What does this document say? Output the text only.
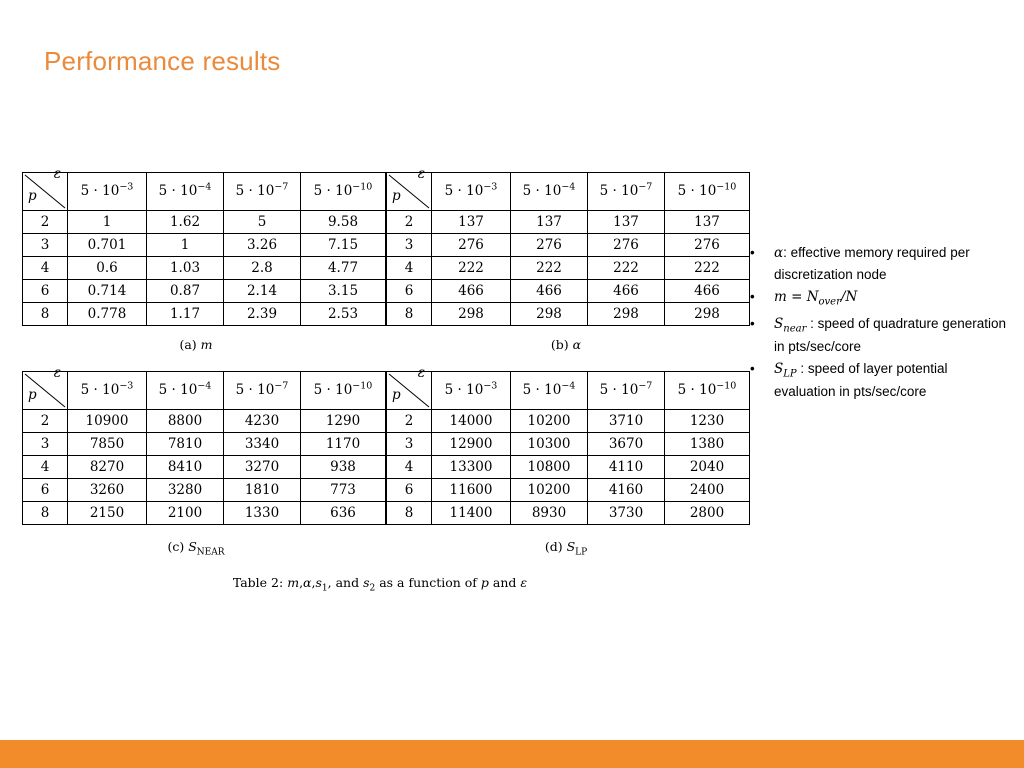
Performance results
ε
p	$5 \cdot 10^{-3}$	$5 \cdot 10^{-4}$	$5 \cdot 10^{-7}$	$5 \cdot 10^{-10}$
2	1	1.62	5	9.58
3	0.701	1	3.26	7.15
4	0.6	1.03	2.8	4.77
6	0.714	0.87	2.14	3.15
8	0.778	1.17	2.39	2.53
(a) m
ε
p	$5 \cdot 10^{-3}$	$5 \cdot 10^{-4}$	$5 \cdot 10^{-7}$	$5 \cdot 10^{-10}$
2	137	137	137	137
3	276	276	276	276
4	222	222	222	222
6	466	466	466	466
8	298	298	298	298
(b) α
ε
p	$5 \cdot 10^{-3}$	$5 \cdot 10^{-4}$	$5 \cdot 10^{-7}$	$5 \cdot 10^{-10}$
2	10900	8800	4230	1290
3	7850	7810	3340	1170
4	8270	8410	3270	938
6	3260	3280	1810	773
8	2150	2100	1330	636
(c) $S_{NEAR}$
ε
p	$5 \cdot 10^{-3}$	$5 \cdot 10^{-4}$	$5 \cdot 10^{-7}$	$5 \cdot 10^{-10}$
2	14000	10200	3710	1230
3	12900	10300	3670	1380
4	13300	10800	4110	2040
6	11600	10200	4160	2400
8	11400	8930	3730	2800
(d) $S_{LP}$
Table 2: $m,\alpha,s_1$, and $s_2$ as a function of p and ε
• α: effective memory required per discretization node
• $m = N_{over}/N$
• $S_{near}$ : speed of quadrature generation in pts/sec/core
• $S_{LP}$ : speed of layer potential evaluation in pts/sec/core
